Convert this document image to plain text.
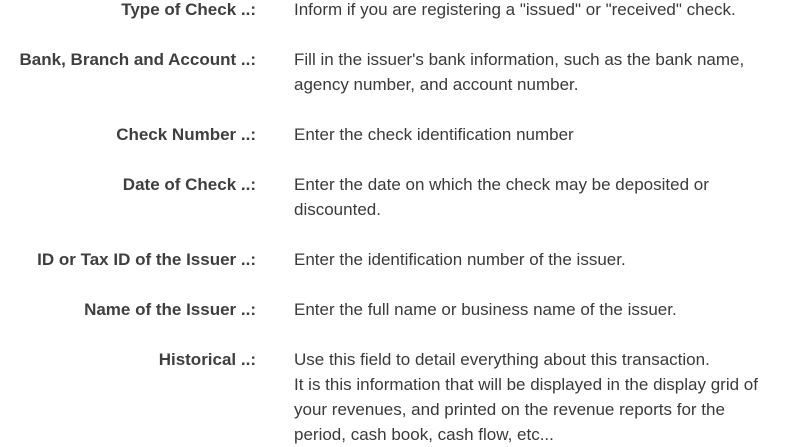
Type of Check ..: Inform if you are registering a "issued" or "received" check.
Bank, Branch and Account ..: Fill in the issuer's bank information, such as the bank name,
agency number, and account number.
Check Number ..: Enter the check identification number
Date of Check ..: Enter the date on which the check may be deposited or
discounted.
ID or Tax ID of the Issuer ..: Enter the identification number of the issuer.
Name of the Issuer ..: Enter the full name or business name of the issuer.
Historical ..: Use this field to detail everything about this transaction.
It is this information that will be displayed in the display grid of
your revenues, and printed on the revenue reports for the
period, cash book, cash flow, etc...
